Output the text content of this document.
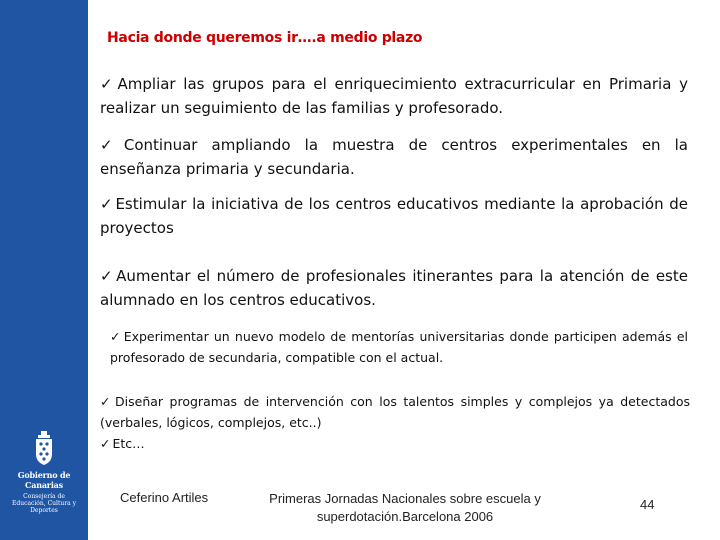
Gobierno de Canarias
Consejería de Educación, Cultura y Deportes
Hacia donde queremos ir….a medio plazo

✓ Ampliar las grupos para el enriquecimiento extracurricular en Primaria y realizar un seguimiento de las familias y profesorado.

✓ Continuar ampliando la muestra de centros experimentales en la enseñanza primaria y secundaria.

✓ Estimular la iniciativa de los centros educativos mediante la aprobación de proyectos

✓ Aumentar el número de profesionales itinerantes para la atención de este alumnado en los centros educativos.

✓ Experimentar un nuevo modelo de mentorías universitarias donde participen además el profesorado de secundaria, compatible con el actual.

✓ Diseñar programas de intervención con los talentos simples y complejos ya detectados (verbales, lógicos, complejos, etc..)

✓ Etc…

Ceferino Artiles	Primeras Jornadas Nacionales sobre escuela y superdotación.Barcelona 2006
44
